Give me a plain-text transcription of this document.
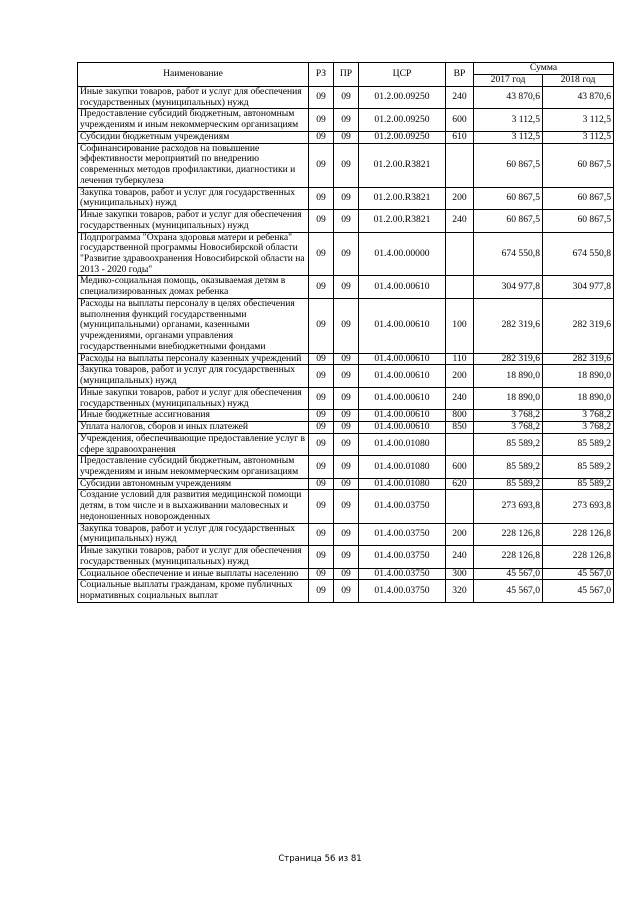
Наименование	РЗ	ПР	ЦСР	ВР	Сумма	
					2017 год	2018 год
Иные закупки товаров, работ и услуг для обеспечения государственных (муниципальных) нужд	09	09	01.2.00.09250	240	43 870,6	43 870,6
Предоставление субсидий бюджетным, автономным учреждениям и иным некоммерческим организациям	09	09	01.2.00.09250	600	3 112,5	3 112,5
Субсидии бюджетным учреждениям	09	09	01.2.00.09250	610	3 112,5	3 112,5
Софинансирование расходов на повышение эффективности мероприятий по внедрению современных методов профилактики, диагностики и лечения туберкулеза	09	09	01.2.00.R3821		60 867,5	60 867,5
Закупка товаров, работ и услуг для государственных (муниципальных) нужд	09	09	01.2.00.R3821	200	60 867,5	60 867,5
Иные закупки товаров, работ и услуг для обеспечения государственных (муниципальных) нужд	09	09	01.2.00.R3821	240	60 867,5	60 867,5
Подпрограмма "Охрана здоровья матери и ребенка" государственной программы Новосибирской области "Развитие здравоохранения Новосибирской области на 2013 - 2020 годы"	09	09	01.4.00.00000		674 550,8	674 550,8
Медико-социальная помощь, оказываемая детям в специализированных домах ребенка	09	09	01.4.00.00610		304 977,8	304 977,8
Расходы на выплаты персоналу в целях обеспечения выполнения функций государственными (муниципальными) органами, казенными учреждениями, органами управления государственными внебюджетными фондами	09	09	01.4.00.00610	100	282 319,6	282 319,6
Расходы на выплаты персоналу казенных учреждений	09	09	01.4.00.00610	110	282 319,6	282 319,6
Закупка товаров, работ и услуг для государственных (муниципальных) нужд	09	09	01.4.00.00610	200	18 890,0	18 890,0
Иные закупки товаров, работ и услуг для обеспечения государственных (муниципальных) нужд	09	09	01.4.00.00610	240	18 890,0	18 890,0
Иные бюджетные ассигнования	09	09	01.4.00.00610	800	3 768,2	3 768,2
Уплата налогов, сборов и иных платежей	09	09	01.4.00.00610	850	3 768,2	3 768,2
Учреждения, обеспечивающие предоставление услуг в сфере здравоохранения	09	09	01.4.00.01080		85 589,2	85 589,2
Предоставление субсидий бюджетным, автономным учреждениям и иным некоммерческим организациям	09	09	01.4.00.01080	600	85 589,2	85 589,2
Субсидии автономным учреждениям	09	09	01.4.00.01080	620	85 589,2	85 589,2
Создание условий для развития медицинской помощи детям, в том числе и в выхаживании маловесных и недоношенных новорожденных	09	09	01.4.00.03750		273 693,8	273 693,8
Закупка товаров, работ и услуг для государственных (муниципальных) нужд	09	09	01.4.00.03750	200	228 126,8	228 126,8
Иные закупки товаров, работ и услуг для обеспечения государственных (муниципальных) нужд	09	09	01.4.00.03750	240	228 126,8	228 126,8
Социальное обеспечение и иные выплаты населению	09	09	01.4.00.03750	300	45 567,0	45 567,0
Социальные выплаты гражданам, кроме публичных нормативных социальных выплат	09	09	01.4.00.03750	320	45 567,0	45 567,0
Страница 56 из 81
